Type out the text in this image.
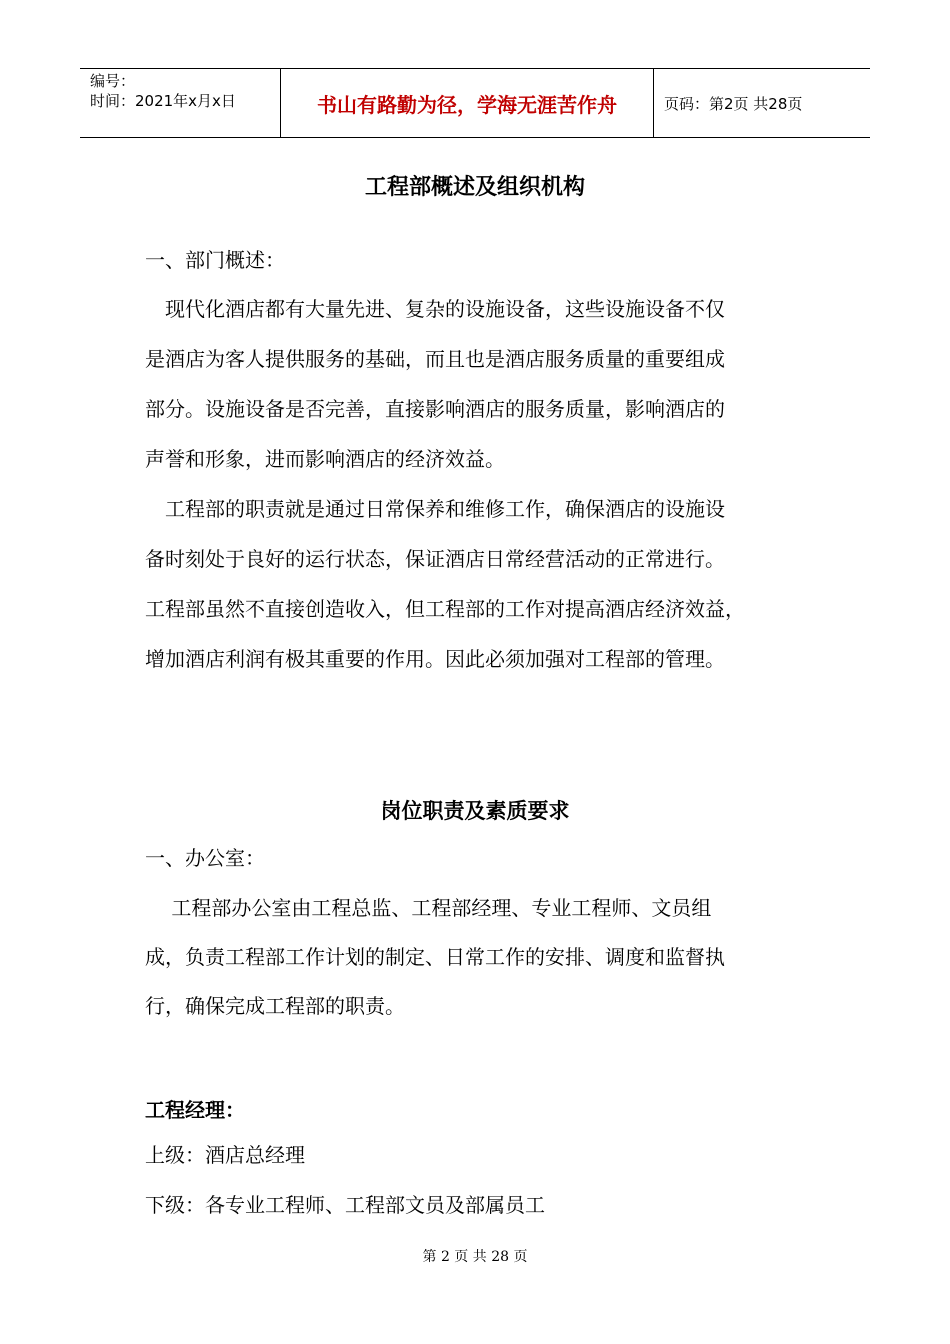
编号：
时间：2021年x月x日	书山有路勤为径，学海无涯苦作舟	页码：第2页 共28页
工程部概述及组织机构
一、部门概述：
　现代化酒店都有大量先进、复杂的设施设备，这些设施设备不仅
是酒店为客人提供服务的基础，而且也是酒店服务质量的重要组成
部分。设施设备是否完善，直接影响酒店的服务质量，影响酒店的
声誉和形象，进而影响酒店的经济效益。
　工程部的职责就是通过日常保养和维修工作，确保酒店的设施设
备时刻处于良好的运行状态，保证酒店日常经营活动的正常进行。
工程部虽然不直接创造收入，但工程部的工作对提高酒店经济效益，
增加酒店利润有极其重要的作用。因此必须加强对工程部的管理。
岗位职责及素质要求
一、办公室：
　 工程部办公室由工程总监、工程部经理、专业工程师、文员组
成，负责工程部工作计划的制定、日常工作的安排、调度和监督执
行，确保完成工程部的职责。
工程经理：
上级：酒店总经理
下级：各专业工程师、工程部文员及部属员工
第 2 页 共 28 页
